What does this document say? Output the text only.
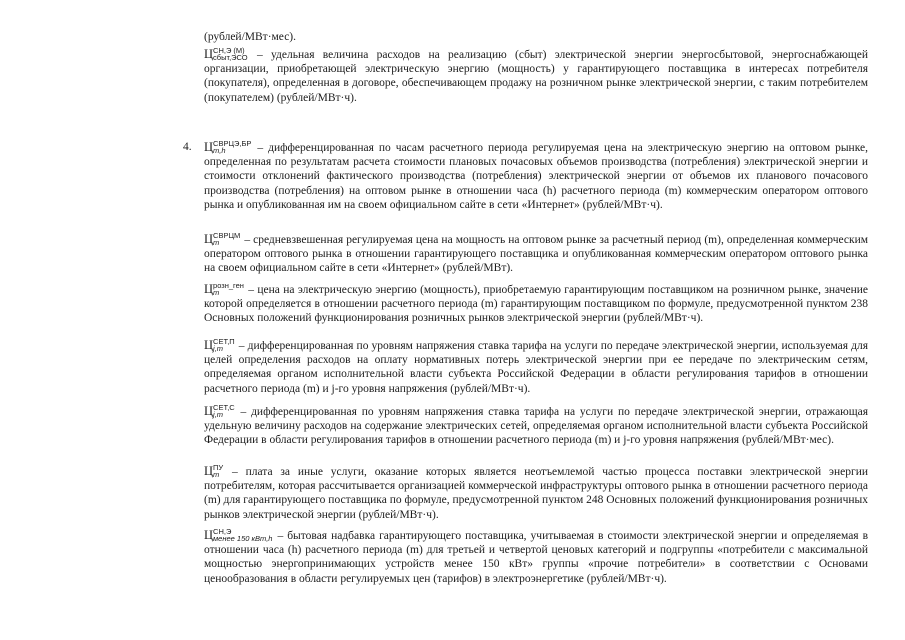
(рублей/МВт·мес).
Ц СН,Э (М)
сбыт,ЭСО – удельная величина расходов на реализацию (сбыт) электрической энергии энергосбытовой, энергоснабжающей организации, приобретающей электрическую энергию (мощность) у гарантирующего поставщика в интересах потребителя (покупателя), определенная в договоре, обеспечивающем продажу на розничном рынке электрической энергии, с таким потребителем (покупателем) (рублей/МВт·ч).
4. Ц СВРЦЭ,БР
m,h	– дифференцированная по часам расчетного периода регулируемая цена на электрическую энергию на оптовом рынке, определенная по результатам расчета стоимости плановых почасовых объемов производства (потребления) электрической энергии и стоимости отклонений фактического производства (потребления) электрической энергии от объемов их планового почасового производства (потребления) на оптовом рынке в отношении часа (h) расчетного периода (m) коммерческим оператором оптового рынка и опубликованная им на своем официальном сайте в сети «Интернет» (рублей/МВт·ч).
Ц СВРЦМ
m	– средневзвешенная регулируемая цена на мощность на оптовом рынке за расчетный период (m), определенная коммерческим оператором оптового рынка в отношении гарантирующего поставщика и опубликованная коммерческим оператором оптового рынка на своем официальном сайте в сети «Интернет» (рублей/МВт).
Ц розн_ген
m	– цена на электрическую энергию (мощность), приобретаемую гарантирующим поставщиком на розничном рынке, значение которой определяется в отношении расчетного периода (m) гарантирующим поставщиком по формуле, предусмотренной пунктом 238 Основных положений функционирования розничных рынков электрической энергии (рублей/МВт·ч).
Ц СЕТ,П
j,m	– дифференцированная по уровням напряжения ставка тарифа на услуги по передаче электрической энергии, используемая для целей определения расходов на оплату нормативных потерь электрической энергии при ее передаче по электрическим сетям, определяемая органом исполнительной власти субъекта Российской Федерации в области регулирования тарифов в отношении расчетного периода (m) и j-го уровня напряжения (рублей/МВт·ч).
Ц СЕТ,С
j,m	– дифференцированная по уровням напряжения ставка тарифа на услуги по передаче электрической энергии, отражающая удельную величину расходов на содержание электрических сетей, определяемая органом исполнительной власти субъекта Российской Федерации в области регулирования тарифов в отношении расчетного периода (m) и j-го уровня напряжения (рублей/МВт·мес).
Ц ПУ
m	– плата за иные услуги, оказание которых является неотъемлемой частью процесса поставки электрической энергии потребителям, которая рассчитывается организацией коммерческой инфраструктуры оптового рынка в отношении расчетного периода (m) для гарантирующего поставщика по формуле, предусмотренной пунктом 248 Основных положений функционирования розничных рынков электрической энергии (рублей/МВт·ч).
Ц СН,Э
менее 150 кВт,h – бытовая надбавка гарантирующего поставщика, учитываемая в стоимости электрической энергии и определяемая в отношении часа (h) расчетного периода (m) для третьей и четвертой ценовых категорий и подгруппы «потребители с максимальной мощностью энергопринимающих устройств менее 150 кВт» группы «прочие потребители» в соответствии с Основами ценообразования в области регулируемых цен (тарифов) в электроэнергетике (рублей/МВт·ч).
